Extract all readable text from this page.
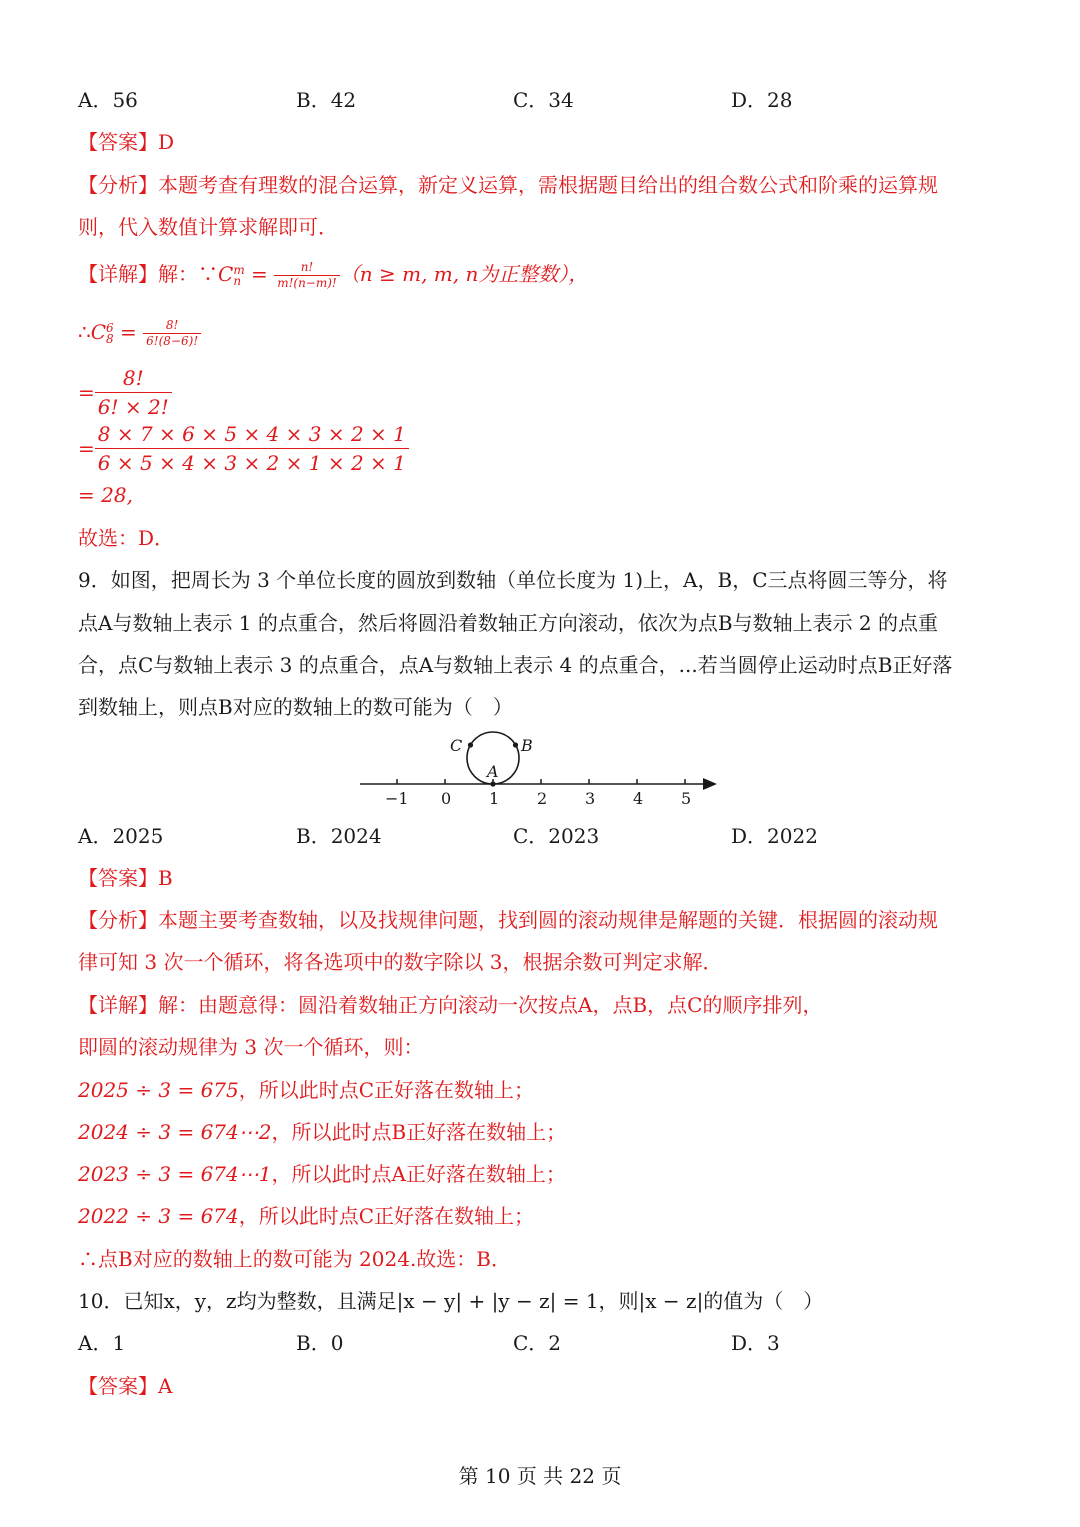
A．56	B．42	C．34	D．28
【答案】D
【分析】本题考查有理数的混合运算，新定义运算，需根据题目给出的组合数公式和阶乘的运算规
则，代入数值计算求解即可．
【详解】解：∵C m
$n = \frac{n!}{m!(n-m)!} (n \ge m$, m, n为正整数），
∴C 6
$8 = \frac{8!}{6!(8-6)!}$
= $\frac{8!}{6! \times 2!}$
= $\frac{8 \times 7 \times 6 \times 5 \times 4 \times 3 \times 2 \times 1}{6 \times 5 \times 4 \times 3 \times 2 \times 1 \times 2 \times 1}$
= 28,
故选：D．
9．如图，把周长为 3 个单位长度的圆放到数轴（单位长度为 1)上，A，B，C三点将圆三等分，将
点A与数轴上表示 1 的点重合，然后将圆沿着数轴正方向滚动，依次为点B与数轴上表示 2 的点重
合，点C与数轴上表示 3 的点重合，点A与数轴上表示 4 的点重合，...若当圆停止运动时点B正好落
到数轴上，则点B对应的数轴上的数可能为（　）
−1 0 1 2 3 4 5
C	B
A
A．2025	B．2024	C．2023	D．2022
【答案】B
【分析】本题主要考查数轴，以及找规律问题，找到圆的滚动规律是解题的关键．根据圆的滚动规
律可知 3 次一个循环，将各选项中的数字除以 3，根据余数可判定求解．
【详解】解：由题意得：圆沿着数轴正方向滚动一次按点A，点B，点C的顺序排列，
即圆的滚动规律为 3 次一个循环，则：
2025 ÷ 3 = 675，所以此时点C正好落在数轴上；
2024 ÷ 3 = 674⋯2，所以此时点B正好落在数轴上；
2023 ÷ 3 = 674⋯1，所以此时点A正好落在数轴上；
2022 ÷ 3 = 674，所以此时点C正好落在数轴上；
∴点B对应的数轴上的数可能为 2024.故选：B．
10．已知x，y，z均为整数，且满足|x − y| + |y − z| = 1，则|x − z|的值为（　）
A．1	B．0	C．2	D．3
【答案】A
第 10 页 共 22 页
